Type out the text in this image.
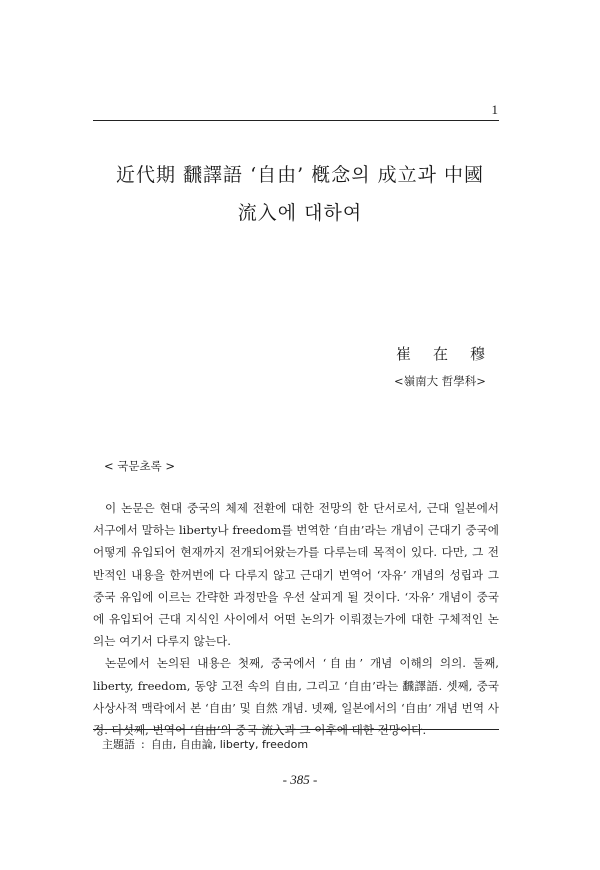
1
近代期 飜譯語 ‘自由’ 槪念의 成立과 中國
流入에 대하여
崔在穆
<嶺南大 哲學科>
< 국문초록 >

이 논문은 현대 중국의 체제 전환에 대한 전망의 한 단서로서, 근대 일본에서 서구에서 말하는 liberty나 freedom를 번역한 ‘自由’라는 개념이 근대기 중국에 어떻게 유입되어 현재까지 전개되어왔는가를 다루는데 목적이 있다. 다만, 그 전반적인 내용을 한꺼번에 다 다루지 않고 근대기 번역어 ‘자유’ 개념의 성립과 그 중국 유입에 이르는 간략한 과정만을 우선 살피게 될 것이다. ‘자유’ 개념이 중국에 유입되어 근대 지식인 사이에서 어떤 논의가 이뤄졌는가에 대한 구체적인 논의는 여기서 다루지 않는다.

논문에서 논의된 내용은 첫째, 중국에서 ‘自由’ 개념 이해의 의의. 둘째, liberty, freedom, 동양 고전 속의 自由, 그리고 ‘自由’라는 飜譯語. 셋째, 중국 사상사적 맥락에서 본 ‘自由’ 및 自然 개념. 넷째, 일본에서의 ‘自由’ 개념 번역 사정. 다섯째, 번역어 ‘自由’의 중국 流入과 그 이후에 대한 전망이다.

主題語 : 自由, 自由論, liberty, freedom
- 385 -
